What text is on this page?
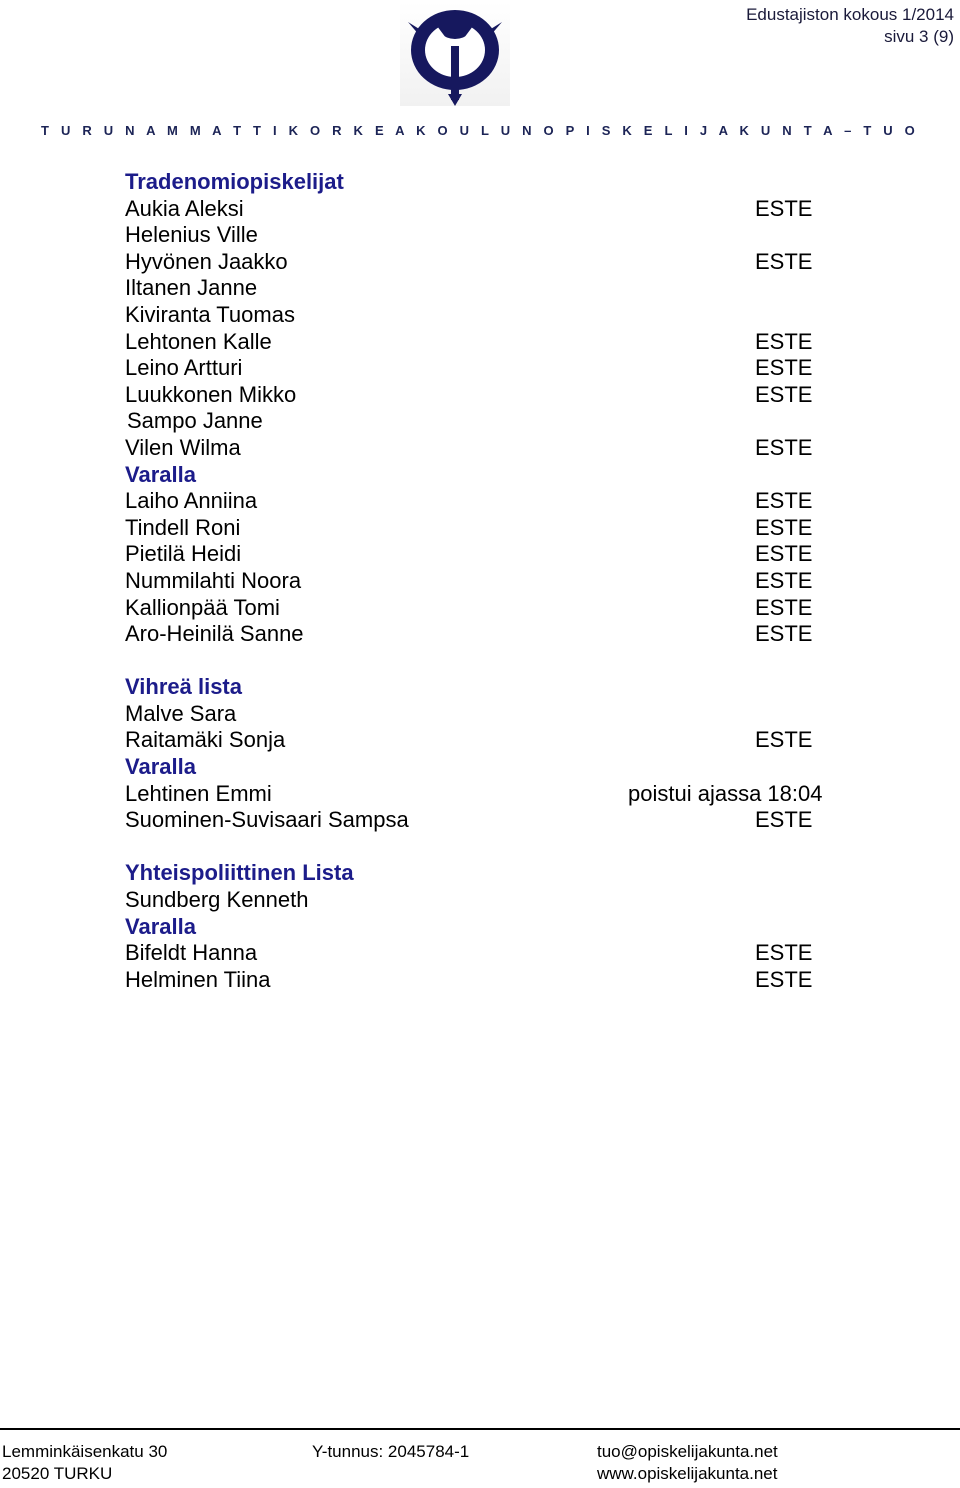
Edustajiston kokous 1/2014
sivu 3 (9)
T U R U N A M M A T T I K O R K E A K O U L U N O P I S K E L I J A K U N T A – T U O
Tradenomiopiskelijat
Aukia Aleksi	ESTE
Helenius Ville
Hyvönen Jaakko	ESTE
Iltanen Janne
Kiviranta Tuomas
Lehtonen Kalle	ESTE
Leino Artturi	ESTE
Luukkonen Mikko	ESTE
Sampo Janne
Vilen Wilma	ESTE
Varalla
Laiho Anniina	ESTE
Tindell Roni	ESTE
Pietilä Heidi	ESTE
Nummilahti Noora	ESTE
Kallionpää Tomi	ESTE
Aro-Heinilä Sanne	ESTE
Vihreä lista
Malve Sara
Raitamäki Sonja	ESTE
Varalla
Lehtinen Emmi	poistui ajassa 18:04
Suominen-Suvisaari Sampsa	ESTE
Yhteispoliittinen Lista
Sundberg Kenneth
Varalla
Bifeldt Hanna	ESTE
Helminen Tiina	ESTE
Lemminkäisenkatu 30
20520 TURKU
Y-tunnus: 2045784-1	tuo@opiskelijakunta.net
www.opiskelijakunta.net
